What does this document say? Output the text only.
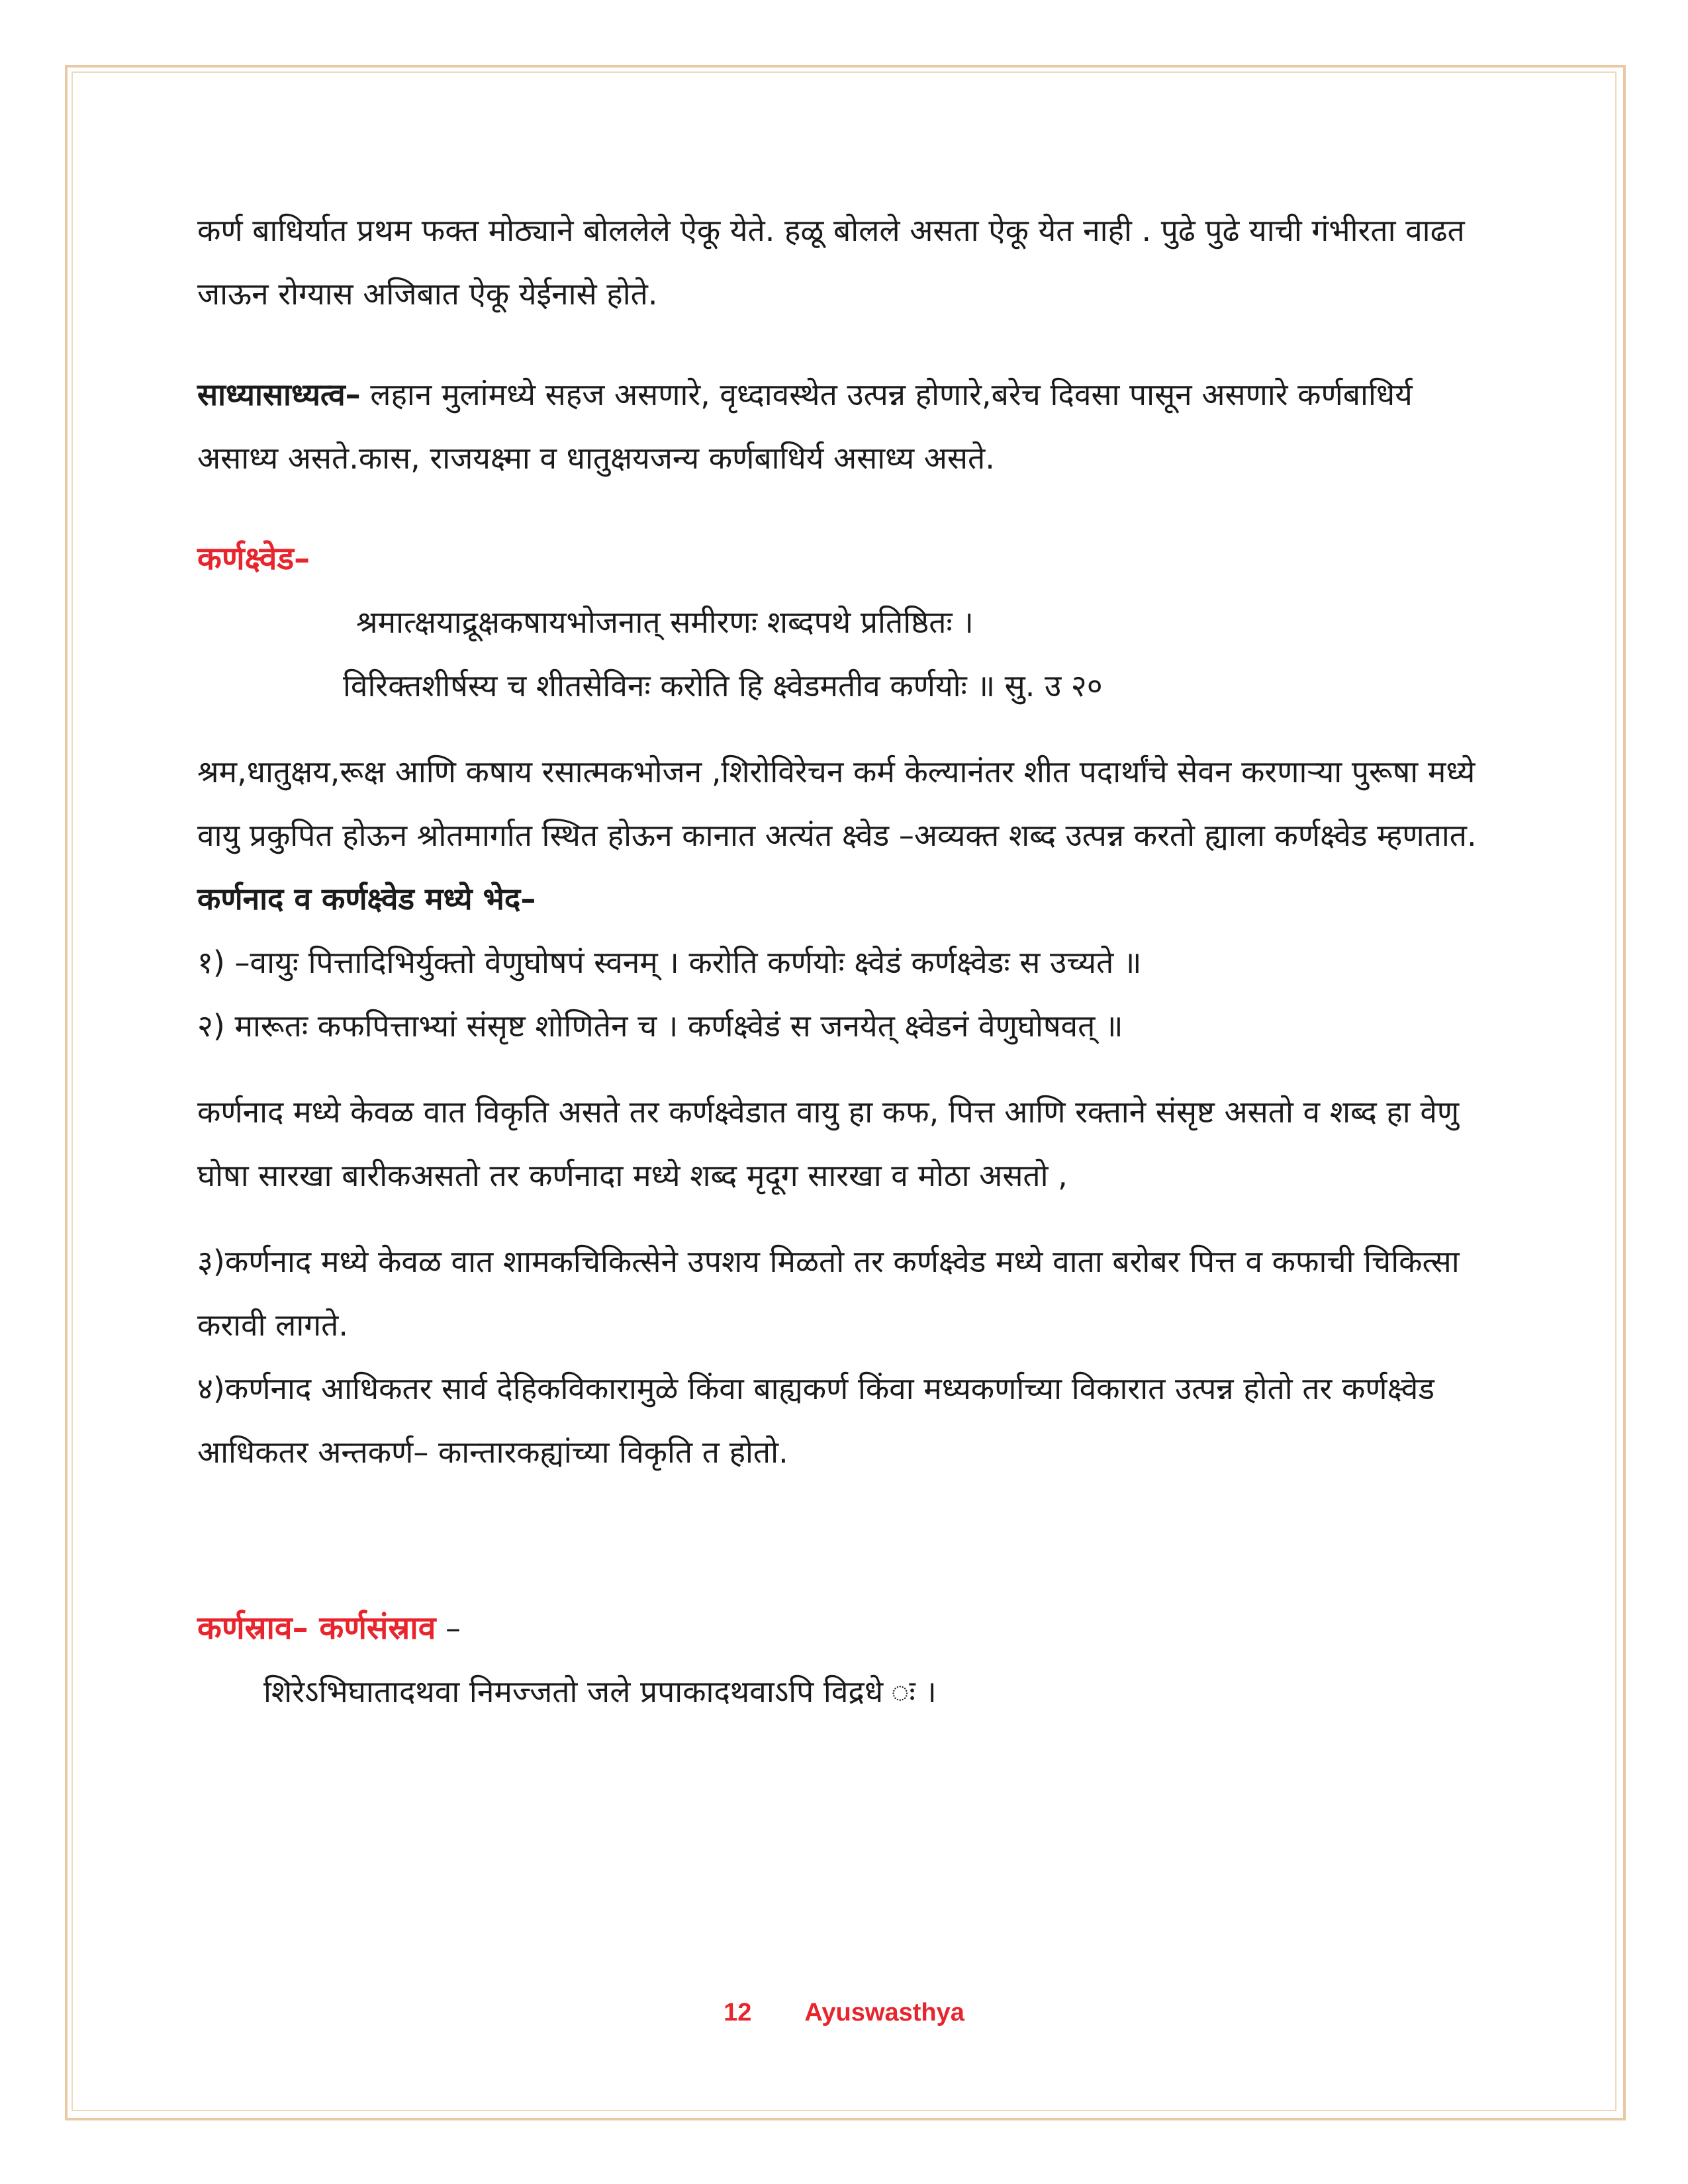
कर्ण बाधिर्यात प्रथम फक्त मोठ्याने बोललेले ऐकू येते. हळू बोलले असता ऐकू येत नाही . पुढे पुढे याची गंभीरता वाढत जाऊन रोग्यास अजिबात ऐकू येईनासे होते.

साध्यासाध्यत्व– लहान मुलांमध्ये सहज असणारे, वृध्दावस्थेत उत्पन्न होणारे,बरेच दिवसा पासून असणारे कर्णबाधिर्य असाध्य असते.कास, राजयक्ष्मा व धातुक्षयजन्य कर्णबाधिर्य असाध्य असते.

कर्णक्ष्वेड–

श्रमात्क्षयाद्रूक्षकषायभोजनात् समीरणः शब्दपथे प्रतिष्ठितः ।

विरिक्तशीर्षस्य च शीतसेविनः करोति हि क्ष्वेडमतीव कर्णयोः ॥ सु. उ २०

श्रम,धातुक्षय,रूक्ष आणि कषाय रसात्मकभोजन ,शिरोविरेचन कर्म केल्यानंतर शीत पदार्थांचे सेवन करणाऱ्या पुरूषा मध्ये वायु प्रकुपित होऊन श्रोतमार्गात स्थित होऊन कानात अत्यंत क्ष्वेड –अव्यक्त शब्द उत्पन्न करतो ह्याला कर्णक्ष्वेड म्हणतात.

कर्णनाद व कर्णक्ष्वेड मध्ये भेद–

१) –वायुः पित्तादिभिर्युक्तो वेणुघोषपं स्वनम् । करोति कर्णयोः क्ष्वेडं कर्णक्ष्वेडः स उच्यते ॥

२) मारूतः कफपित्ताभ्यां संसृष्ट शोणितेन च । कर्णक्ष्वेडं स जनयेत् क्ष्वेडनं वेणुघोषवत् ॥

कर्णनाद मध्ये केवळ वात विकृति असते तर कर्णक्ष्वेडात वायु हा कफ, पित्त आणि रक्ताने संसृष्ट असतो व शब्द हा वेणु घोषा सारखा बारीकअसतो तर कर्णनादा मध्ये शब्द मृदूग सारखा व मोठा असतो ,

३)कर्णनाद मध्ये केवळ वात शामकचिकित्सेने उपशय मिळतो तर कर्णक्ष्वेड मध्ये वाता बरोबर पित्त व कफाची चिकित्सा करावी लागते.

४)कर्णनाद आधिकतर सार्व देहिकविकारामुळे किंवा बाह्यकर्ण किंवा मध्यकर्णाच्या विकारात उत्पन्न होतो तर कर्णक्ष्वेड आधिकतर अन्तकर्ण– कान्तारकह्यांच्या विकृति त होतो.

कर्णस्राव– कर्णसंस्राव –

शिरेऽभिघातादथवा निमज्जतो जले प्रपाकादथवाऽपि विद्रधे ः ।

12 Ayuswasthya
